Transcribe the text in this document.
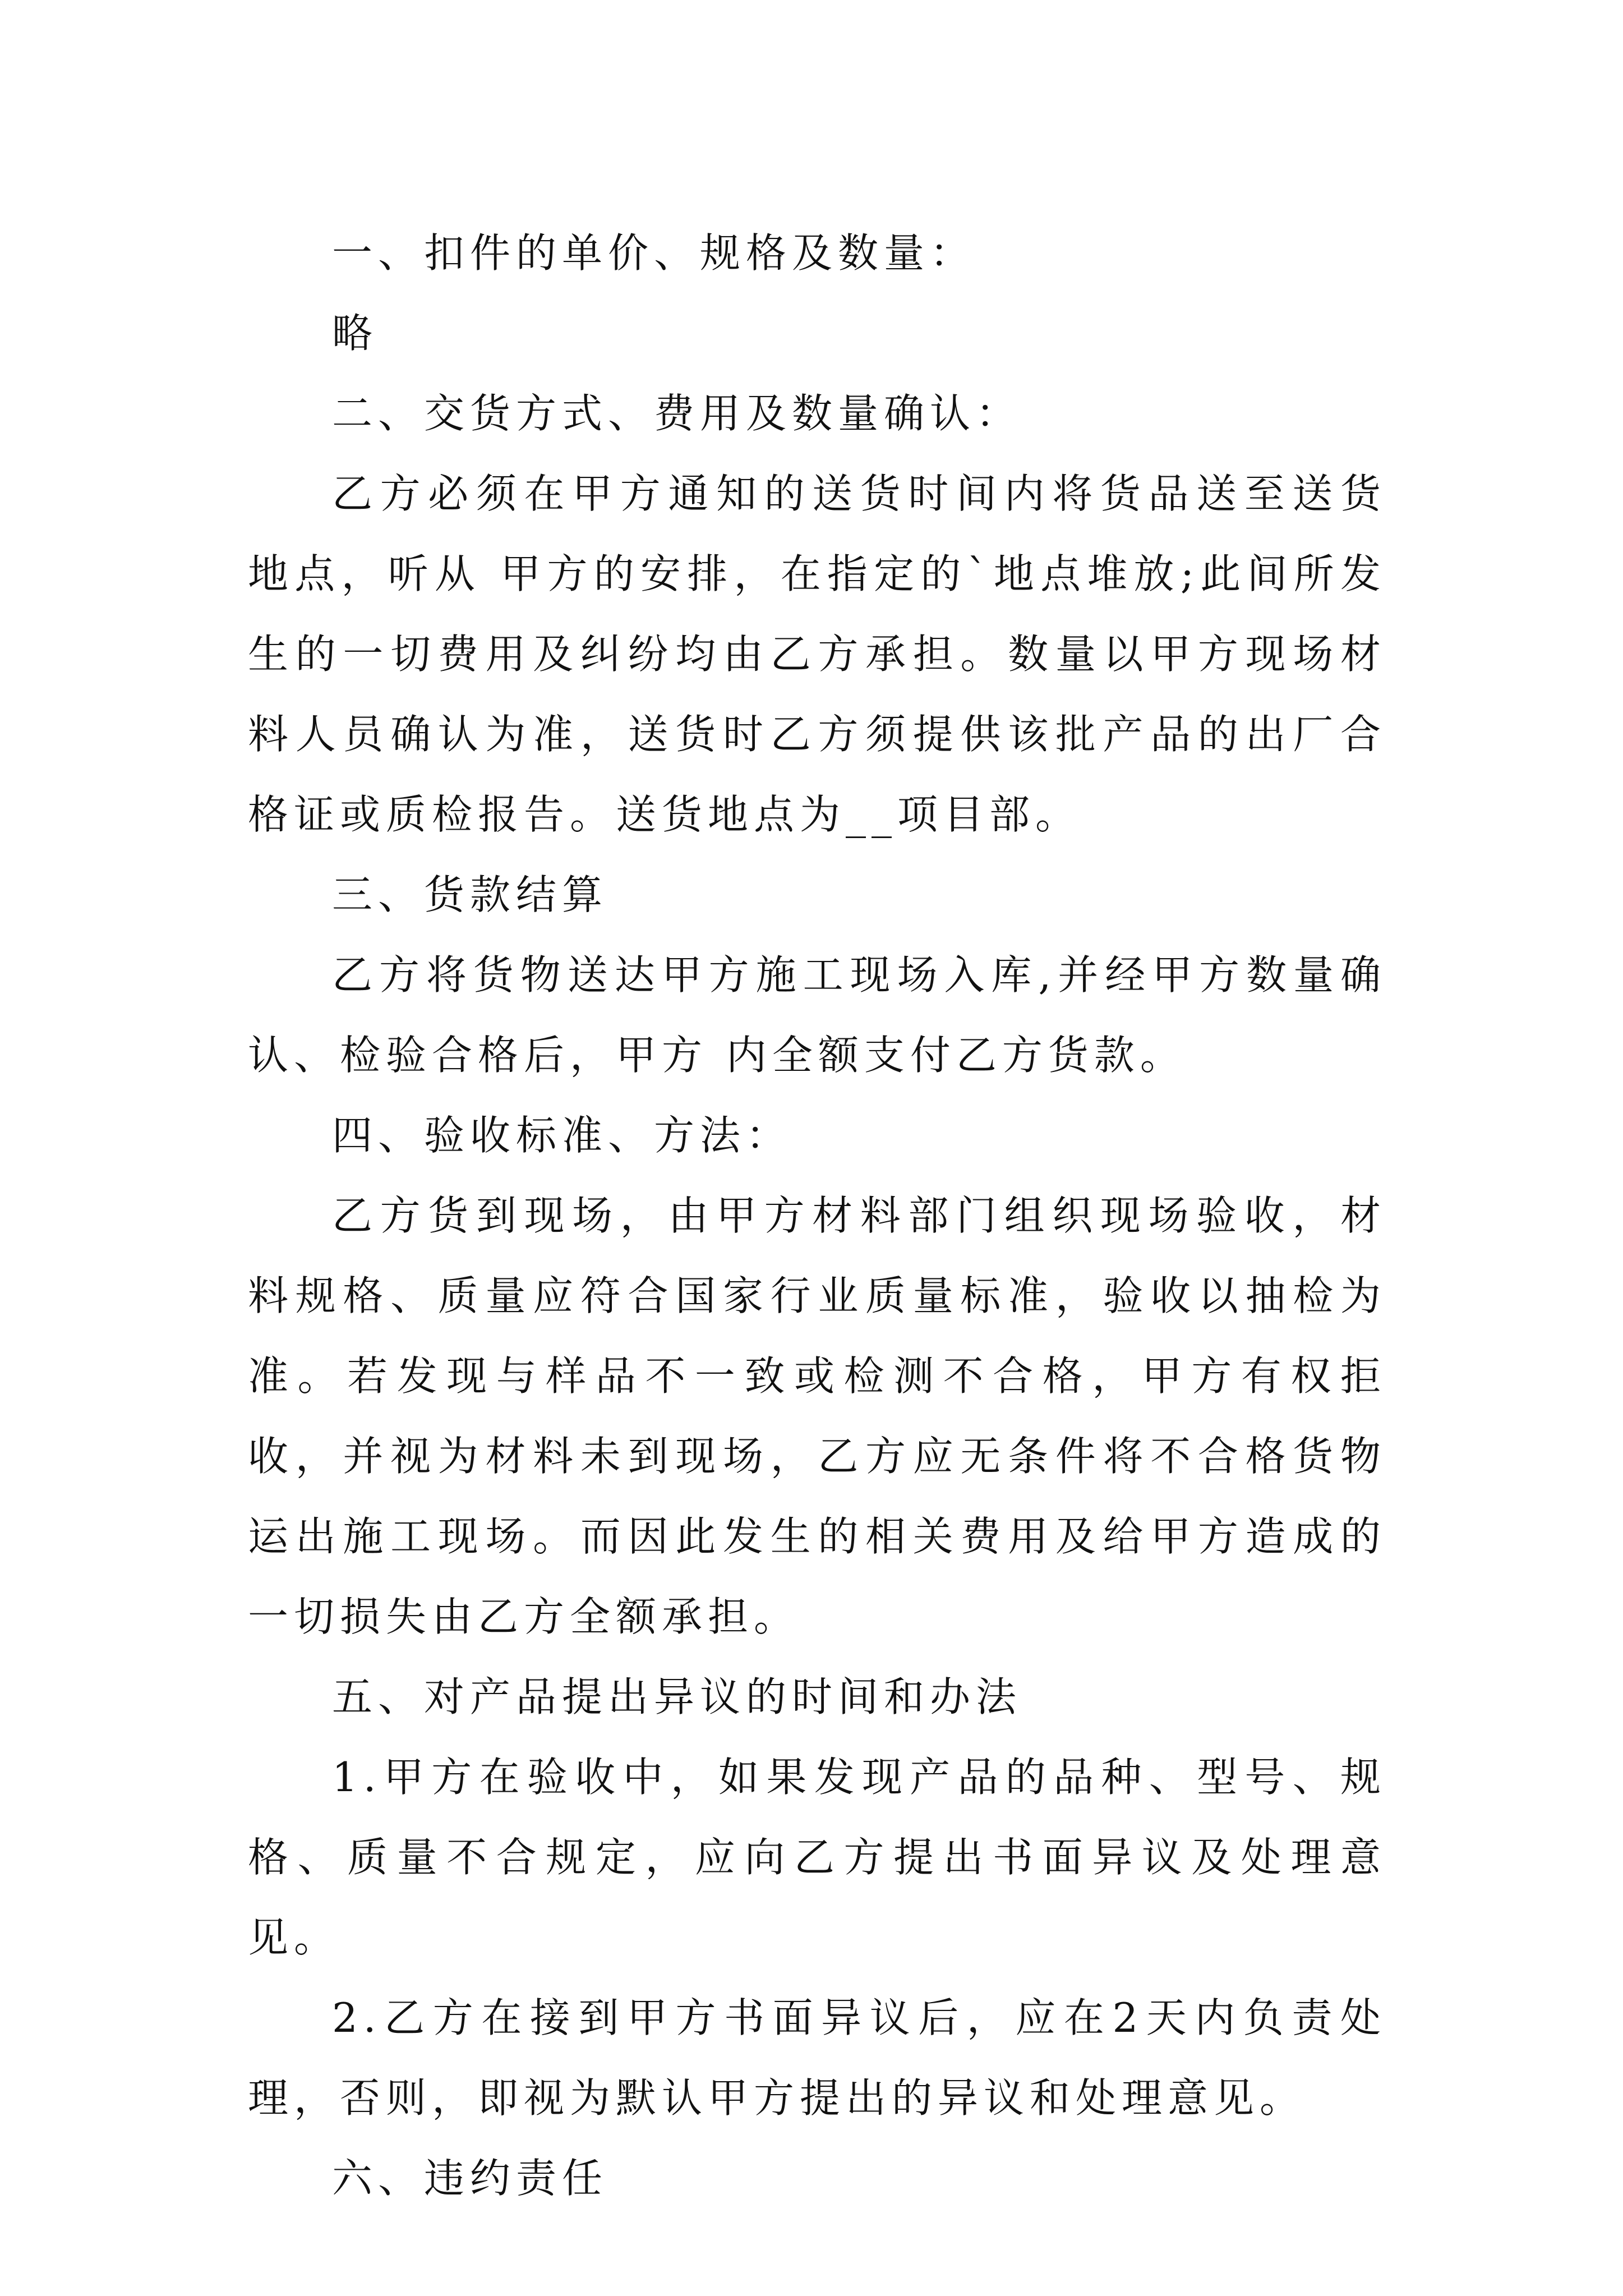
一、扣件的单价、规格及数量：

略

二、交货方式、费用及数量确认：

乙方必须在甲方通知的送货时间内将货品送至送货地点，听从 甲方的安排，在指定的`地点堆放;此间所发生的一切费用及纠纷均由乙方承担。数量以甲方现场材料人员确认为准，送货时乙方须提供该批产品的出厂合格证或质检报告。送货地点为__项目部。

三、货款结算

乙方将货物送达甲方施工现场入库,并经甲方数量确认、检验合格后，甲方 内全额支付乙方货款。

四、验收标准、方法：

乙方货到现场，由甲方材料部门组织现场验收，材料规格、质量应符合国家行业质量标准，验收以抽检为准。若发现与样品不一致或检测不合格，甲方有权拒收，并视为材料未到现场，乙方应无条件将不合格货物运出施工现场。而因此发生的相关费用及给甲方造成的一切损失由乙方全额承担。

五、对产品提出异议的时间和办法

1.甲方在验收中，如果发现产品的品种、型号、规格、质量不合规定，应向乙方提出书面异议及处理意见。

2.乙方在接到甲方书面异议后，应在2天内负责处理，否则，即视为默认甲方提出的异议和处理意见。

六、违约责任
